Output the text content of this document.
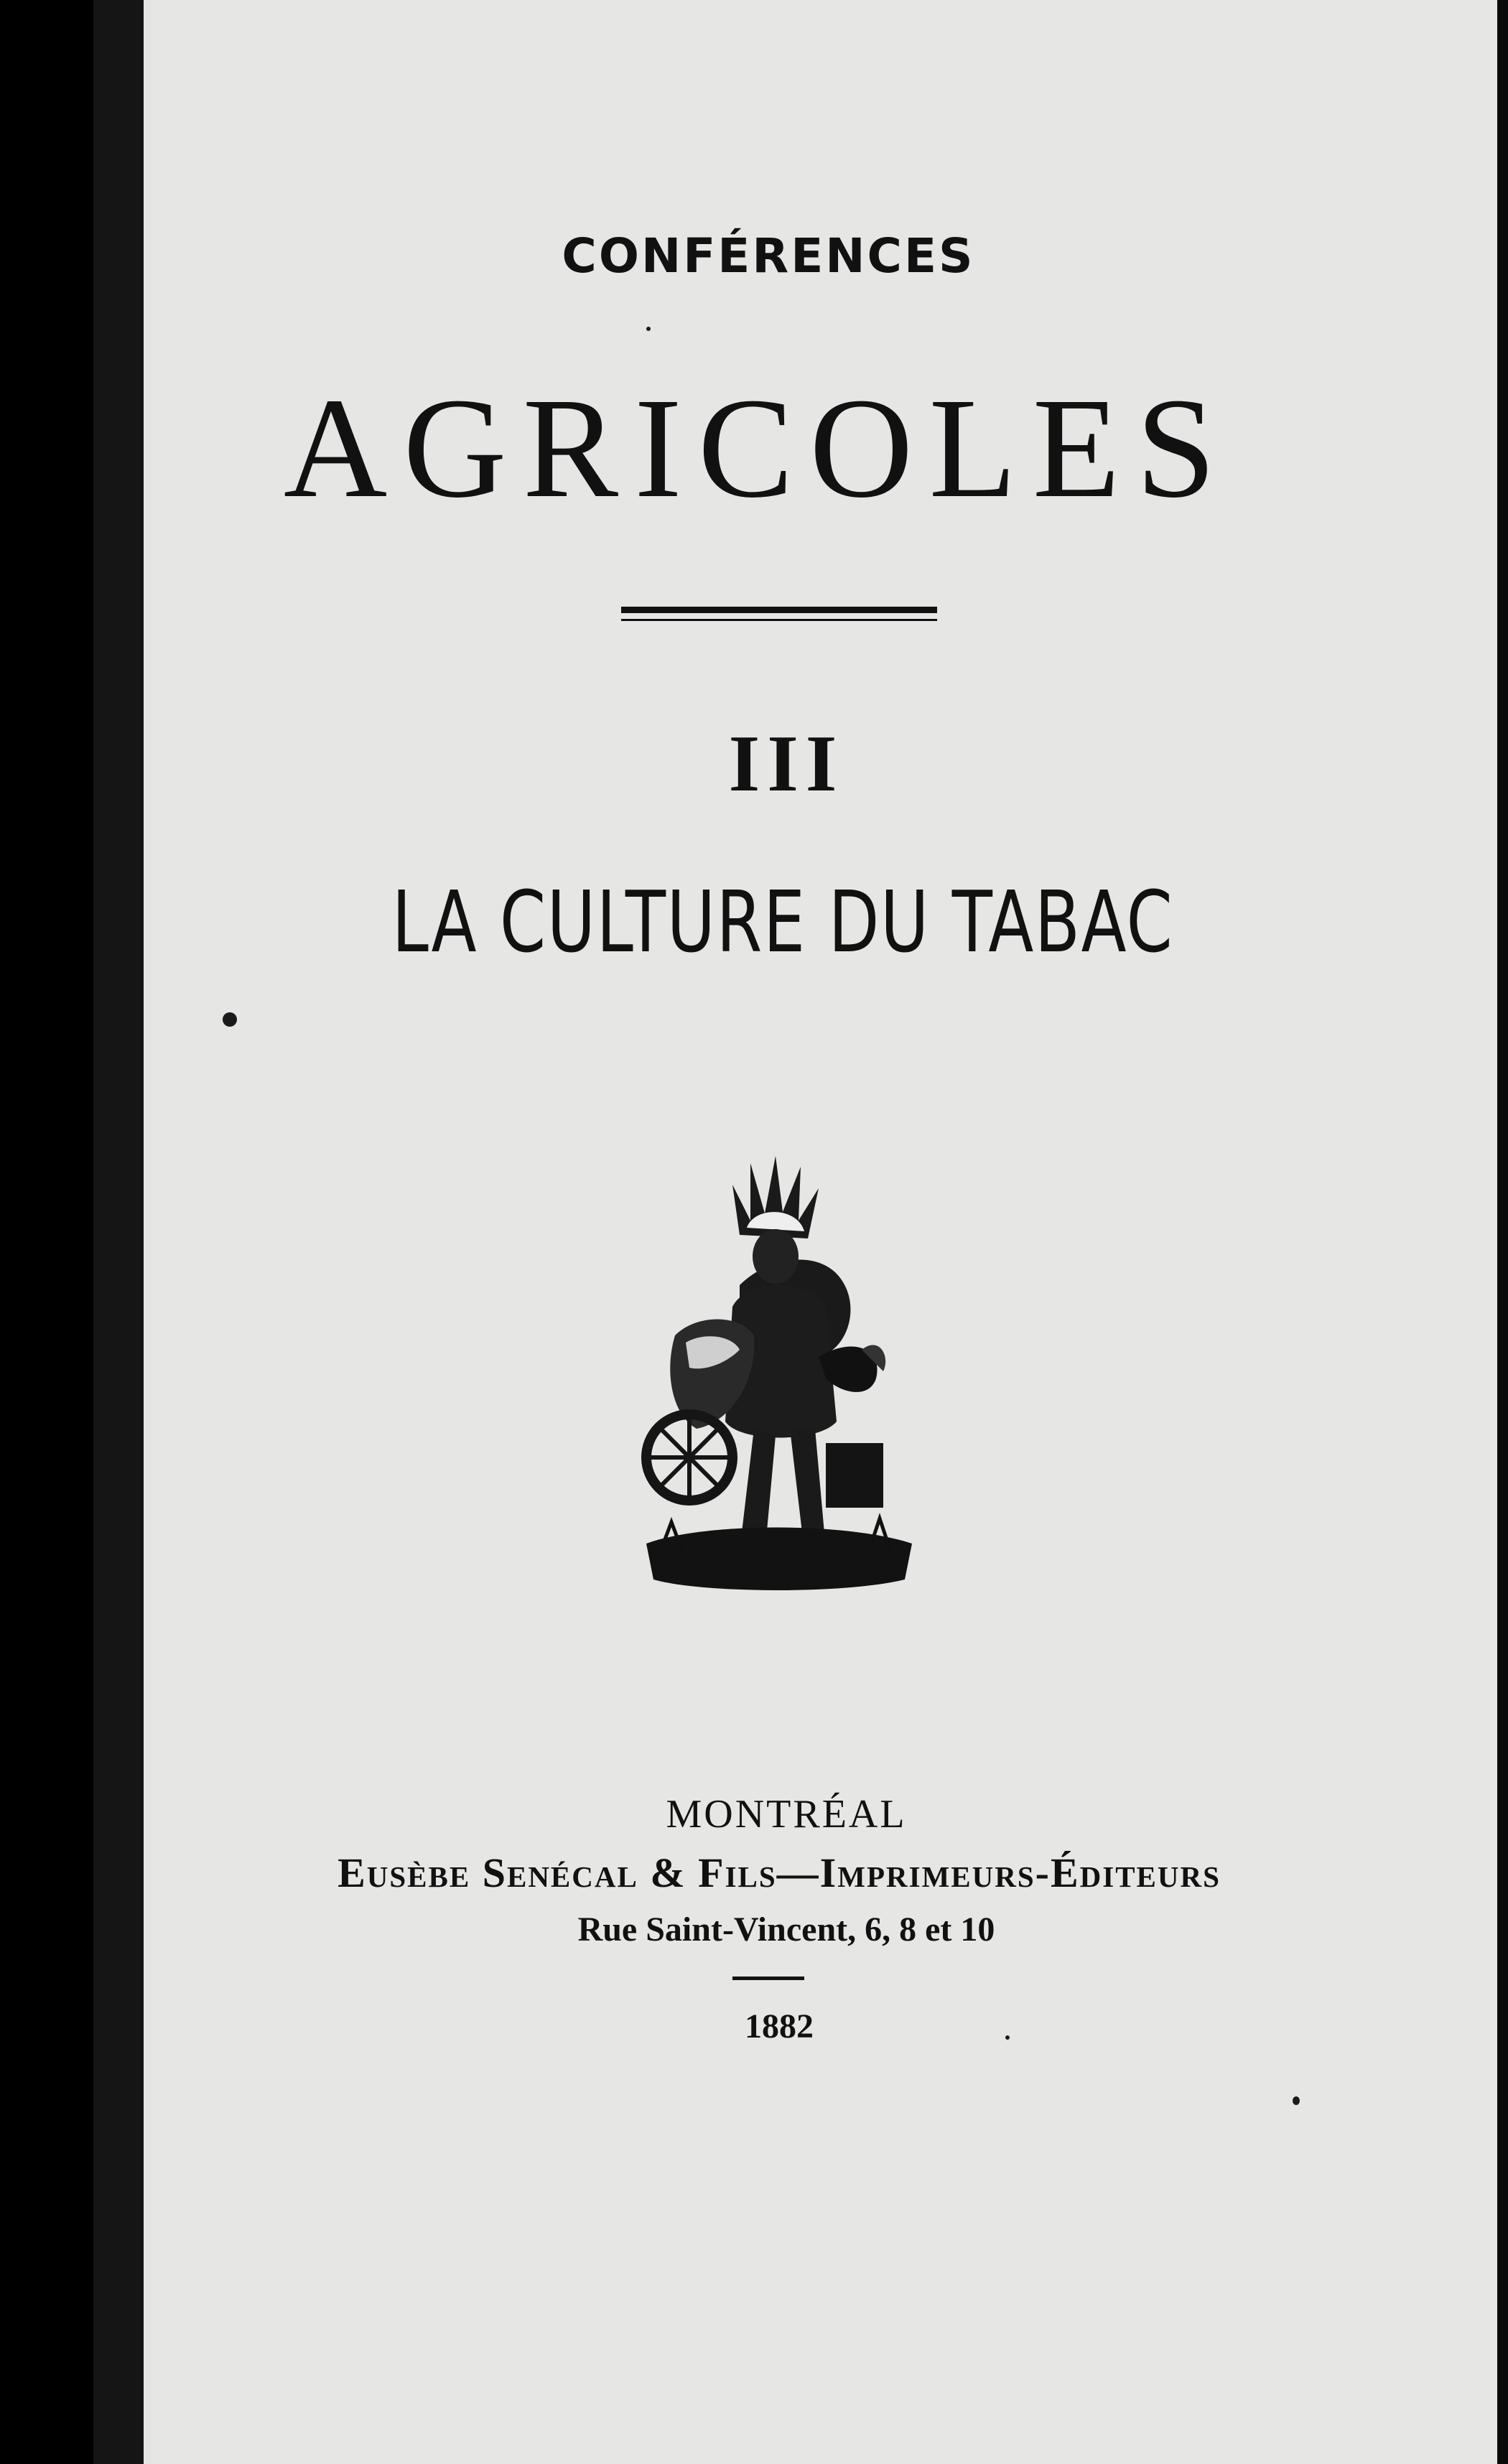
CONFÉRENCES
AGRICOLES
III
LA CULTURE DU TABAC
MONTRÉAL
Eusèbe Senécal & Fils—Imprimeurs-Éditeurs
Rue Saint-Vincent, 6, 8 et 10
1882
